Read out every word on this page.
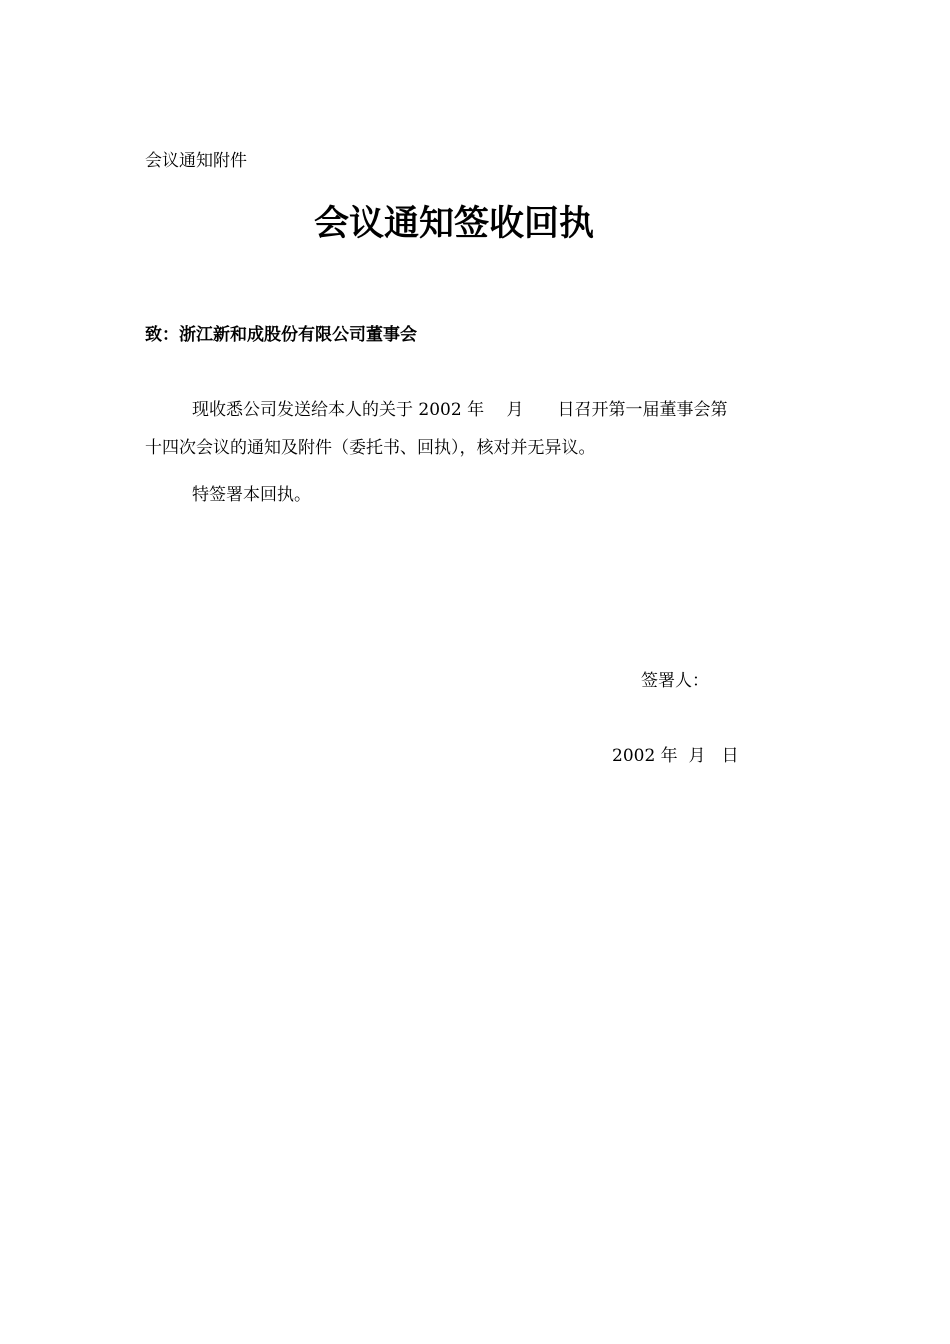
会议通知附件
会议通知签收回执
致：浙江新和成股份有限公司董事会
现收悉公司发送给本人的关于 2002 年　 月　　日召开第一届董事会第
十四次会议的通知及附件（委托书、回执），核对并无异议。
特签署本回执。
签署人：
2002 年  月   日
